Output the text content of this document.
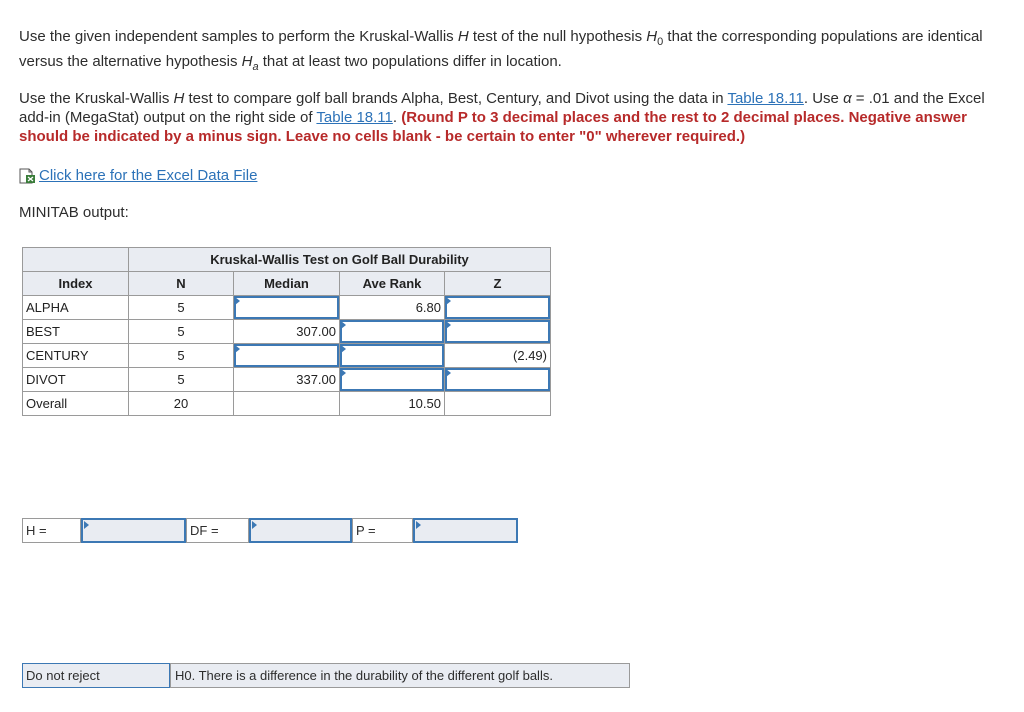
Use the given independent samples to perform the Kruskal-Wallis H test of the null hypothesis $H_0$ that the corresponding populations are identical versus the alternative hypothesis $H_a$ that at least two populations differ in location.

Use the Kruskal-Wallis H test to compare golf ball brands Alpha, Best, Century, and Divot using the data in Table 18.11. Use α = .01 and the Excel add-in (MegaStat) output on the right side of Table 18.11. (Round P to 3 decimal places and the rest to 2 decimal places. Negative answer should be indicated by a minus sign. Leave no cells blank - be certain to enter "0" wherever required.)

Click here for the Excel Data File
MINITAB output:
	Kruskal-Wallis Test on Golf Ball Durability			
Index	N	Median	Ave Rank	Z
ALPHA	5		6.80	

BEST	5	307.00	

CENTURY	5			(2.49)
DIVOT	5	337.00	

Overall	20		10.50	
H =	DF =	P =
Do not reject	H0. There is a difference in the durability of the different golf balls.
